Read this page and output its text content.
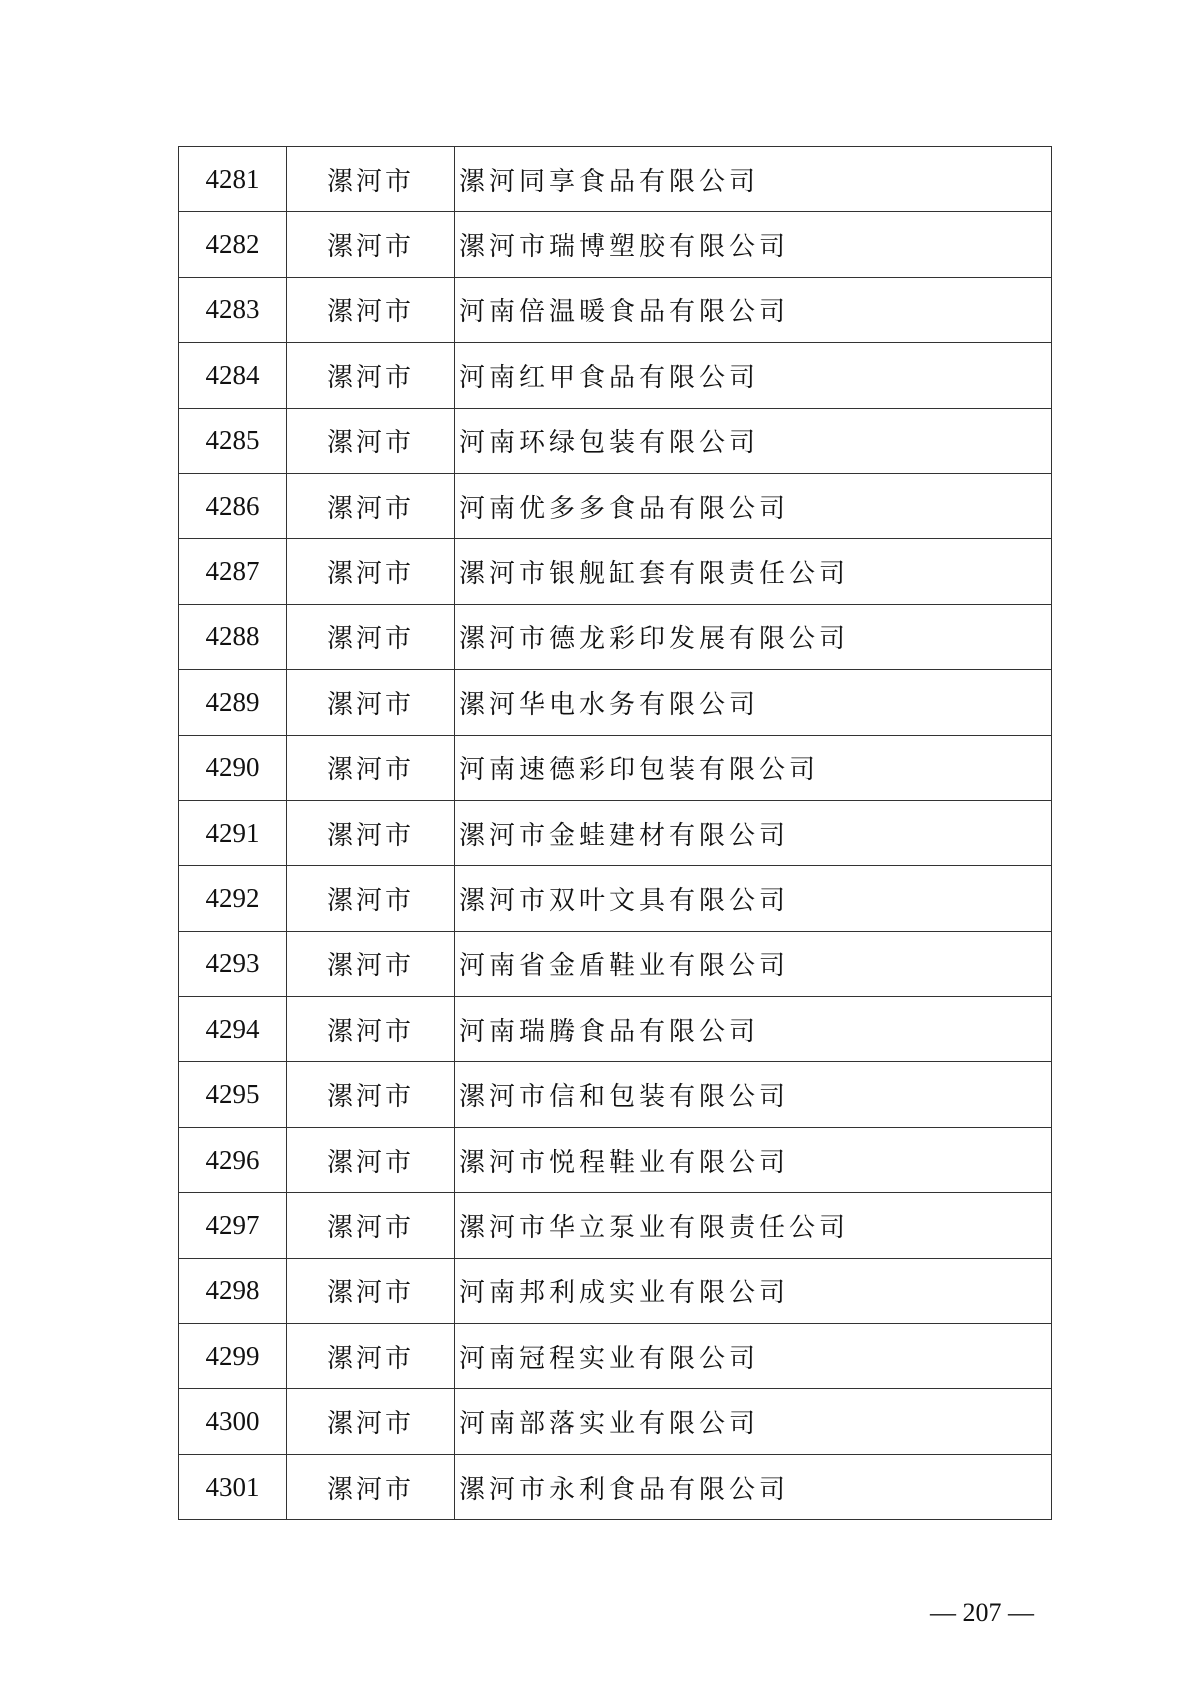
4281	漯河市	漯河同享食品有限公司
4282	漯河市	漯河市瑞博塑胶有限公司
4283	漯河市	河南倍温暖食品有限公司
4284	漯河市	河南红甲食品有限公司
4285	漯河市	河南环绿包装有限公司
4286	漯河市	河南优多多食品有限公司
4287	漯河市	漯河市银舰缸套有限责任公司
4288	漯河市	漯河市德龙彩印发展有限公司
4289	漯河市	漯河华电水务有限公司
4290	漯河市	河南速德彩印包装有限公司
4291	漯河市	漯河市金蛙建材有限公司
4292	漯河市	漯河市双叶文具有限公司
4293	漯河市	河南省金盾鞋业有限公司
4294	漯河市	河南瑞腾食品有限公司
4295	漯河市	漯河市信和包装有限公司
4296	漯河市	漯河市悦程鞋业有限公司
4297	漯河市	漯河市华立泵业有限责任公司
4298	漯河市	河南邦利成实业有限公司
4299	漯河市	河南冠程实业有限公司
4300	漯河市	河南部落实业有限公司
4301	漯河市	漯河市永利食品有限公司
— 207 —
